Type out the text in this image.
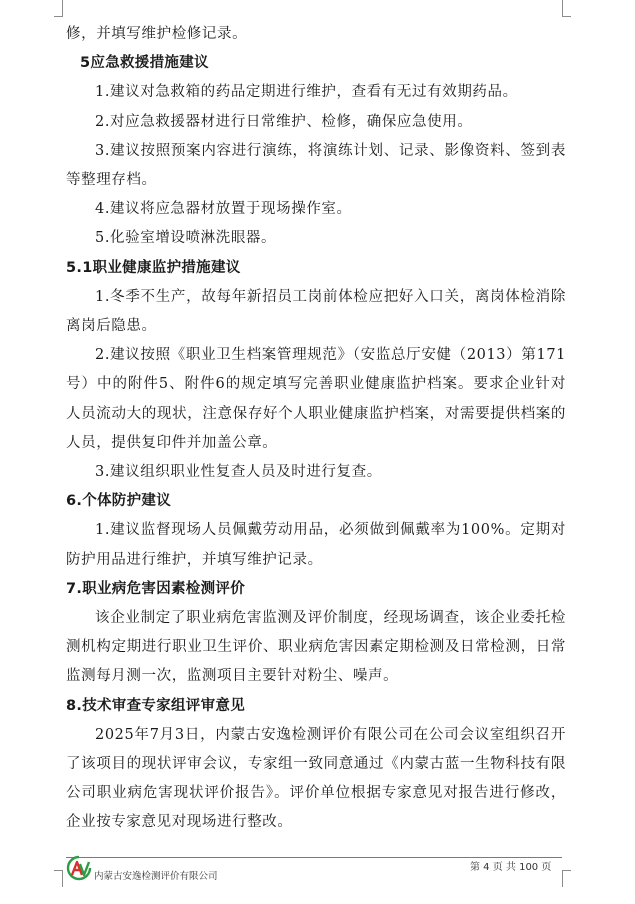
修，并填写维护检修记录。

5应急救援措施建议

1.建议对急救箱的药品定期进行维护，查看有无过有效期药品。

2.对应急救援器材进行日常维护、检修，确保应急使用。

3.建议按照预案内容进行演练，将演练计划、记录、影像资料、签到表等整理存档。

4.建议将应急器材放置于现场操作室。

5.化验室增设喷淋洗眼器。

5.1职业健康监护措施建议

1.冬季不生产，故每年新招员工岗前体检应把好入口关，离岗体检消除离岗后隐患。

2.建议按照《职业卫生档案管理规范》（安监总厅安健（2013）第171号）中的附件5、附件6的规定填写完善职业健康监护档案。要求企业针对人员流动大的现状，注意保存好个人职业健康监护档案，对需要提供档案的人员，提供复印件并加盖公章。

3.建议组织职业性复查人员及时进行复查。

6.个体防护建议

1.建议监督现场人员佩戴劳动用品，必须做到佩戴率为100%。定期对防护用品进行维护，并填写维护记录。

7.职业病危害因素检测评价

该企业制定了职业病危害监测及评价制度，经现场调查，该企业委托检测机构定期进行职业卫生评价、职业病危害因素定期检测及日常检测，日常监测每月测一次，监测项目主要针对粉尘、噪声。

8.技术审查专家组评审意见

2025年7月3日，内蒙古安逸检测评价有限公司在公司会议室组织召开了该项目的现状评审会议，专家组一致同意通过《内蒙古蓝一生物科技有限公司职业病危害现状评价报告》。评价单位根据专家意见对报告进行修改，企业按专家意见对现场进行整改。

内蒙古安逸检测评价有限公司
第 4 页 共 100 页
